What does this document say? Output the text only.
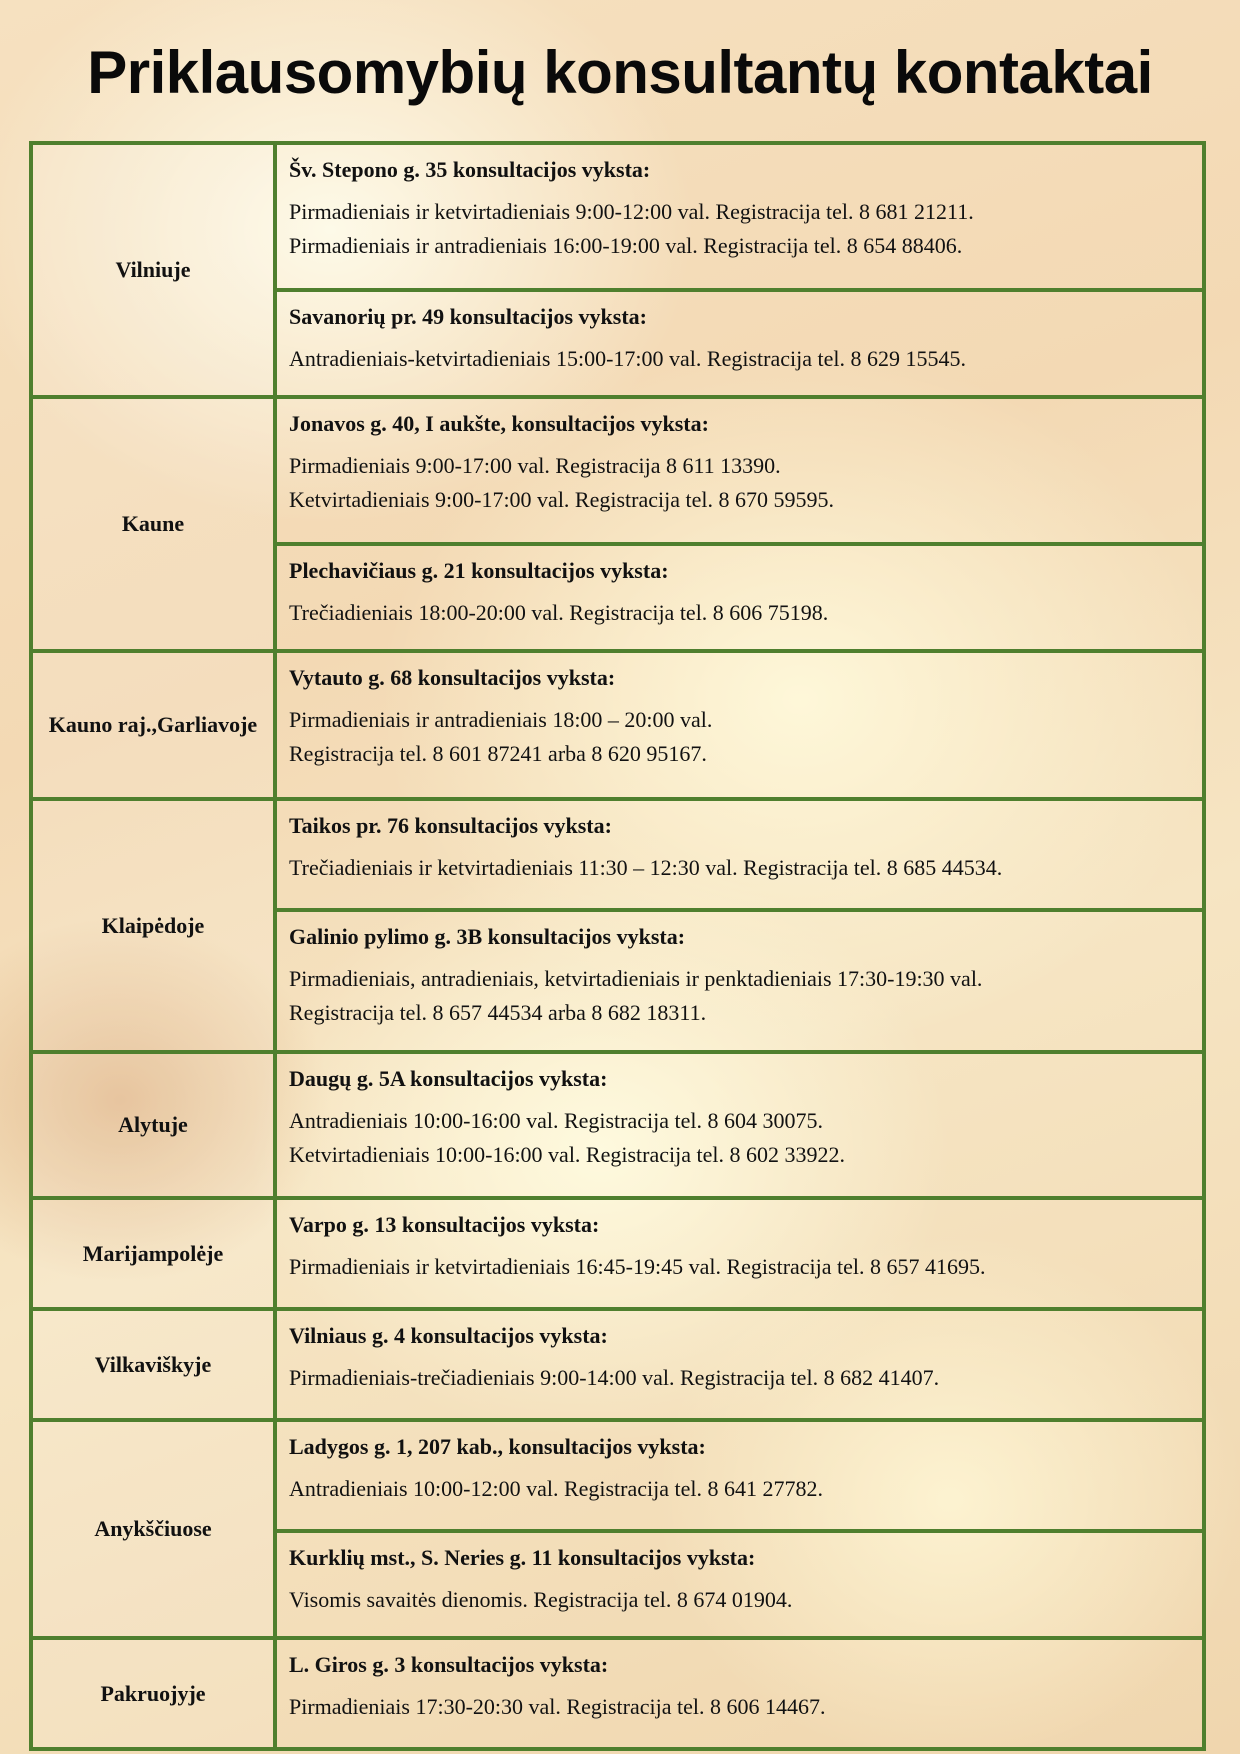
Priklausomybių konsultantų kontaktai
Vilniuje
Šv. Stepono g. 35 konsultacijos vyksta:
Pirmadieniais ir ketvirtadieniais 9:00-12:00 val. Registracija tel. 8 681 21211.
Pirmadieniais ir antradieniais 16:00-19:00 val. Registracija tel. 8 654 88406.
Savanorių pr. 49 konsultacijos vyksta:
Antradieniais-ketvirtadieniais 15:00-17:00 val. Registracija tel. 8 629 15545.
Kaune
Jonavos g. 40, I aukšte, konsultacijos vyksta:
Pirmadieniais 9:00-17:00 val. Registracija 8 611 13390.
Ketvirtadieniais 9:00-17:00 val. Registracija tel. 8 670 59595.
Plechavičiaus g. 21 konsultacijos vyksta:
Trečiadieniais 18:00-20:00 val. Registracija tel. 8 606 75198.
Kauno raj., Garliavoje
Vytauto g. 68 konsultacijos vyksta:
Pirmadieniais ir antradieniais 18:00 – 20:00 val.
Registracija tel. 8 601 87241 arba 8 620 95167.
Klaipėdoje
Taikos pr. 76 konsultacijos vyksta:
Trečiadieniais ir ketvirtadieniais 11:30 – 12:30 val. Registracija tel. 8 685 44534.
Galinio pylimo g. 3B konsultacijos vyksta:
Pirmadieniais, antradieniais, ketvirtadieniais ir penktadieniais 17:30-19:30 val.
Registracija tel. 8 657 44534 arba 8 682 18311.
Alytuje
Daugų g. 5A konsultacijos vyksta:
Antradieniais 10:00-16:00 val. Registracija tel. 8 604 30075.
Ketvirtadieniais 10:00-16:00 val. Registracija tel. 8 602 33922.
Marijampolėje
Varpo g. 13 konsultacijos vyksta:
Pirmadieniais ir ketvirtadieniais 16:45-19:45 val. Registracija tel. 8 657 41695.
Vilkaviškyje
Vilniaus g. 4 konsultacijos vyksta:
Pirmadieniais-trečiadieniais 9:00-14:00 val. Registracija tel. 8 682 41407.
Anykščiuose
Ladygos g. 1, 207 kab., konsultacijos vyksta:
Antradieniais 10:00-12:00 val. Registracija tel. 8 641 27782.
Kurklių mst., S. Neries g. 11 konsultacijos vyksta:
Visomis savaitės dienomis. Registracija tel. 8 674 01904.
Pakruojyje
L. Giros g. 3 konsultacijos vyksta:
Pirmadieniais 17:30-20:30 val. Registracija tel. 8 606 14467.
